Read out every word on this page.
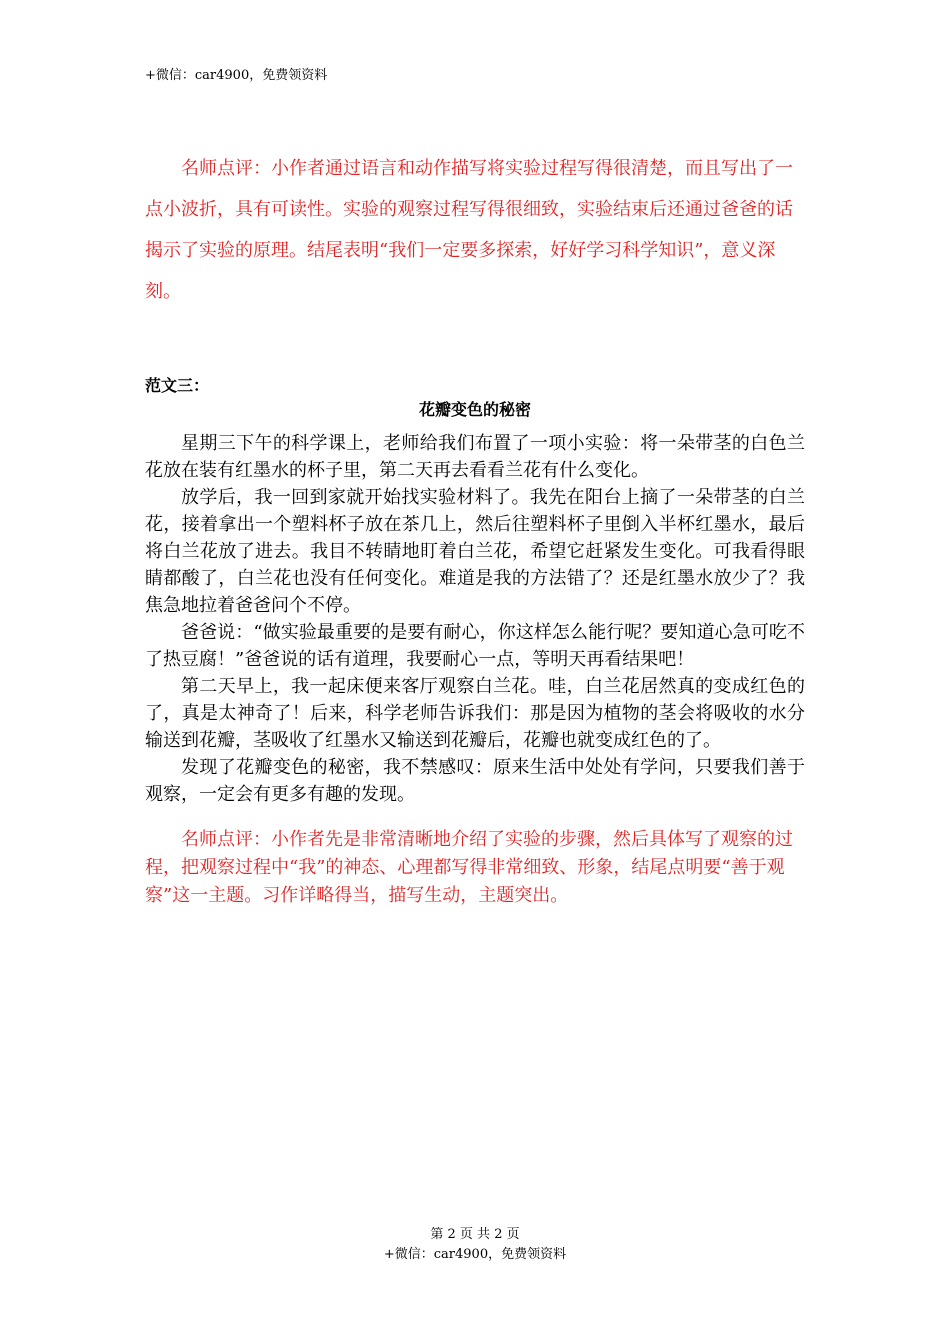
+微信：car4900，免费领资料

名师点评：小作者通过语言和动作描写将实验过程写得很清楚，而且写出了一点小波折，具有可读性。实验的观察过程写得很细致，实验结束后还通过爸爸的话揭示了实验的原理。结尾表明“我们一定要多探索，好好学习科学知识”，意义深刻。

范文三：
花瓣变色的秘密

星期三下午的科学课上，老师给我们布置了一项小实验：将一朵带茎的白色兰花放在装有红墨水的杯子里，第二天再去看看兰花有什么变化。

放学后，我一回到家就开始找实验材料了。我先在阳台上摘了一朵带茎的白兰花，接着拿出一个塑料杯子放在茶几上，然后往塑料杯子里倒入半杯红墨水，最后将白兰花放了进去。我目不转睛地盯着白兰花，希望它赶紧发生变化。可我看得眼睛都酸了，白兰花也没有任何变化。难道是我的方法错了？还是红墨水放少了？我焦急地拉着爸爸问个不停。

爸爸说：“做实验最重要的是要有耐心，你这样怎么能行呢？要知道心急可吃不了热豆腐！”爸爸说的话有道理，我要耐心一点，等明天再看结果吧！

第二天早上，我一起床便来客厅观察白兰花。哇，白兰花居然真的变成红色的了，真是太神奇了！后来，科学老师告诉我们：那是因为植物的茎会将吸收的水分输送到花瓣，茎吸收了红墨水又输送到花瓣后，花瓣也就变成红色的了。

发现了花瓣变色的秘密，我不禁感叹：原来生活中处处有学问，只要我们善于观察，一定会有更多有趣的发现。

名师点评：小作者先是非常清晰地介绍了实验的步骤，然后具体写了观察的过程，把观察过程中“我”的神态、心理都写得非常细致、形象，结尾点明要“善于观察”这一主题。习作详略得当，描写生动，主题突出。

第 2 页 共 2 页
+微信：car4900，免费领资料
